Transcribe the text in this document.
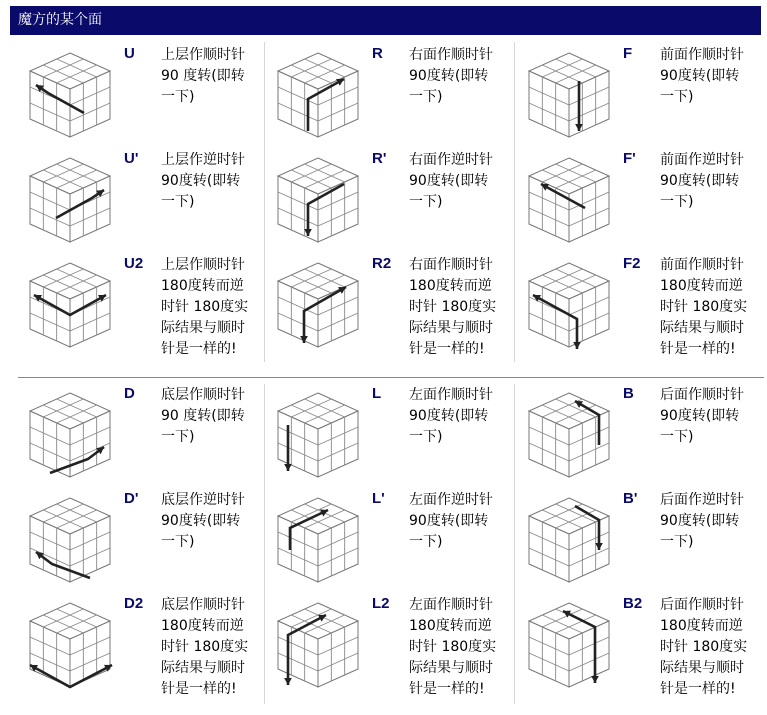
魔方的某个面
U 上层作顺时针
90 度转(即转
一下)
R 右面作顺时针
90度转(即转
一下)
F 前面作顺时针
90度转(即转
一下)
U' 上层作逆时针
90度转(即转
一下)
R' 右面作逆时针
90度转(即转
一下)
F' 前面作逆时针
90度转(即转
一下)
U2 上层作顺时针
180度转而逆
时针 180度实
际结果与顺时
针是一样的!
R2 右面作顺时针
180度转而逆
时针 180度实
际结果与顺时
针是一样的!
F2 前面作顺时针
180度转而逆
时针 180度实
际结果与顺时
针是一样的!
D 底层作顺时针
90 度转(即转
一下)
L 左面作顺时针
90度转(即转
一下)
B 后面作顺时针
90度转(即转
一下)
D' 底层作逆时针
90度转(即转
一下)
L' 左面作逆时针
90度转(即转
一下)
B' 后面作逆时针
90度转(即转
一下)
D2 底层作顺时针
180度转而逆
时针 180度实
际结果与顺时
针是一样的!
L2 左面作顺时针
180度转而逆
时针 180度实
际结果与顺时
针是一样的!
B2 后面作顺时针
180度转而逆
时针 180度实
际结果与顺时
针是一样的!
